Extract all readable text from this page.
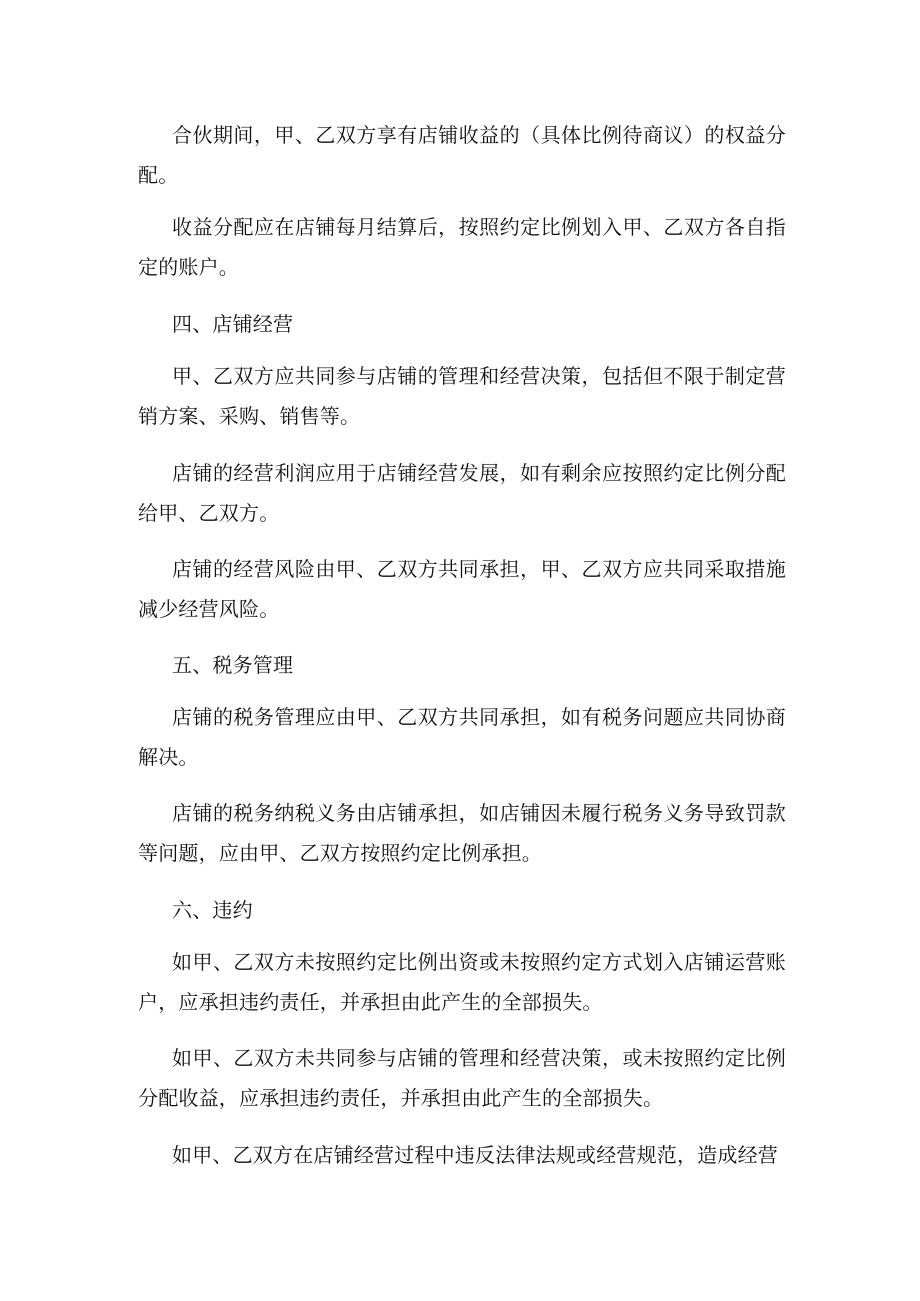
合伙期间，甲、乙双方享有店铺收益的（具体比例待商议）的权益分配。

收益分配应在店铺每月结算后，按照约定比例划入甲、乙双方各自指定的账户。

四、店铺经营

甲、乙双方应共同参与店铺的管理和经营决策，包括但不限于制定营销方案、采购、销售等。

店铺的经营利润应用于店铺经营发展，如有剩余应按照约定比例分配给甲、乙双方。

店铺的经营风险由甲、乙双方共同承担，甲、乙双方应共同采取措施减少经营风险。

五、税务管理

店铺的税务管理应由甲、乙双方共同承担，如有税务问题应共同协商解决。

店铺的税务纳税义务由店铺承担，如店铺因未履行税务义务导致罚款等问题，应由甲、乙双方按照约定比例承担。

六、违约

如甲、乙双方未按照约定比例出资或未按照约定方式划入店铺运营账户，应承担违约责任，并承担由此产生的全部损失。

如甲、乙双方未共同参与店铺的管理和经营决策，或未按照约定比例分配收益，应承担违约责任，并承担由此产生的全部损失。

如甲、乙双方在店铺经营过程中违反法律法规或经营规范，造成经营
